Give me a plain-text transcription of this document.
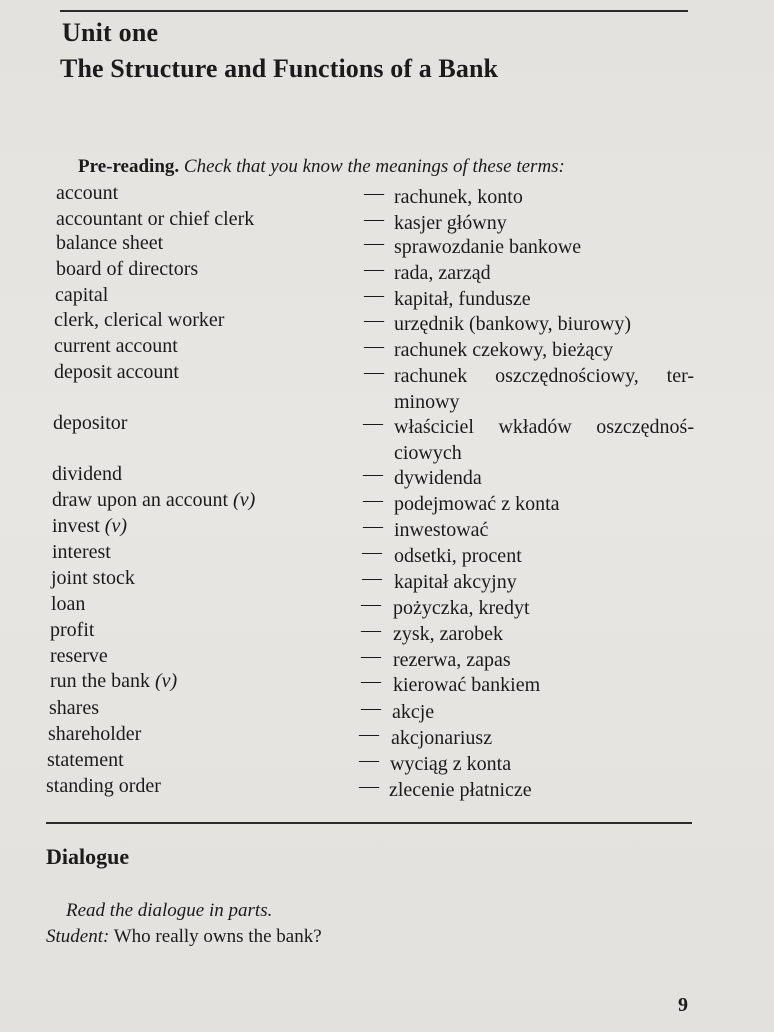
Unit one
The Structure and Functions of a Bank
Pre-reading. Check that you know the meanings of these terms:
account	— rachunek, konto
accountant or chief clerk	— kasjer główny
balance sheet	— sprawozdanie bankowe
board of directors	— rada, zarząd
capital	— kapitał, fundusze
clerk, clerical worker	— urzędnik (bankowy, biurowy)
current account	— rachunek czekowy, bieżący
deposit account	— rachunek oszczędnościowy, ter-
minowy
depositor	— właściciel wkładów oszczędnoś-
ciowych
dividend	— dywidenda
draw upon an account (v)	— podejmować z konta
invest (v)	— inwestować
interest	— odsetki, procent
joint stock	— kapitał akcyjny
loan	— pożyczka, kredyt
profit	— zysk, zarobek
reserve	— rezerwa, zapas
run the bank (v)	— kierować bankiem
shares	— akcje
shareholder	— akcjonariusz
statement	— wyciąg z konta
standing order	— zlecenie płatnicze
Dialogue
Read the dialogue in parts.
Student: Who really owns the bank?
9
